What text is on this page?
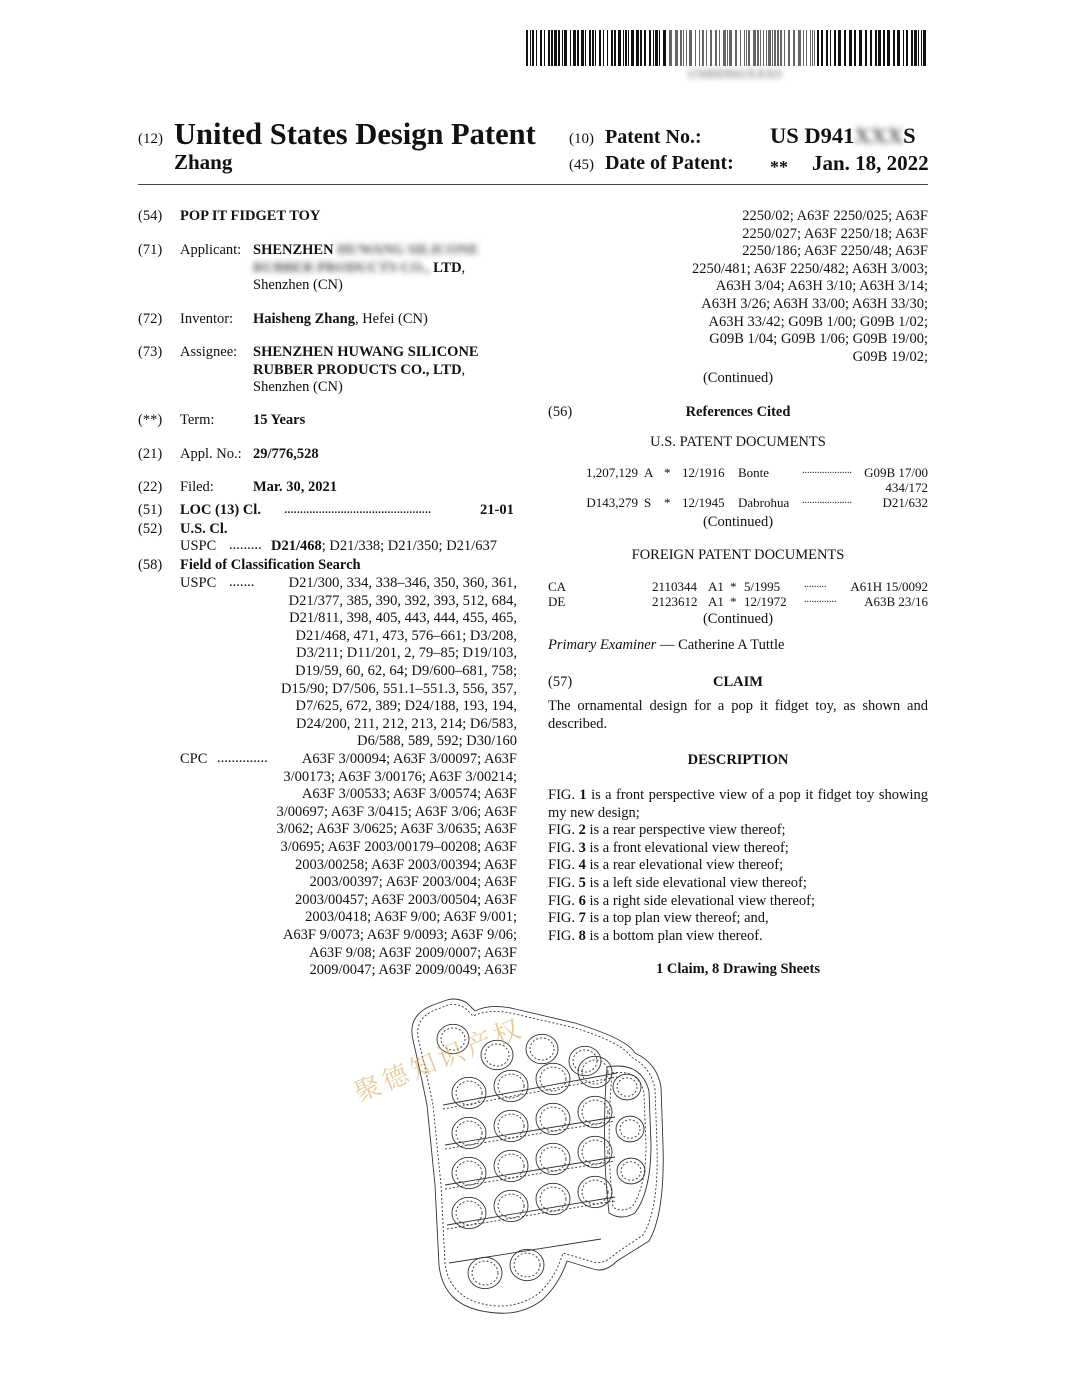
US00D941XXXS
(12) United States Design Patent
Zhang
(10) Patent No.:	US D941XXXS
(45) Date of Patent: ** Jan. 18, 2022
(54) POP IT FIDGET TOY
(71) Applicant: SHENZHEN HUWANG SILICONE
RUBBER PRODUCTS CO., LTD,
Shenzhen (CN)
(72) Inventor: Haisheng Zhang, Hefei (CN)
(73) Assignee: SHENZHEN HUWANG SILICONE
RUBBER PRODUCTS CO., LTD,
Shenzhen (CN)
(**) Term:	15 Years
(21) Appl. No.: 29/776,528
(22) Filed:	Mar. 30, 2021
(51) LOC (13) Cl. ...............................................	21-01
(52) U.S. Cl.
USPC ......... D21/468; D21/338; D21/350; D21/637
(58) Field of Classification Search
USPC .......	D21/300, 334, 338–346, 350, 360, 361,
D21/377, 385, 390, 392, 393, 512, 684,
D21/811, 398, 405, 443, 444, 455, 465,
D21/468, 471, 473, 576–661; D3/208,
D3/211; D11/201, 2, 79–85; D19/103,
D19/59, 60, 62, 64; D9/600–681, 758;
D15/90; D7/506, 551.1–551.3, 556, 357,
D7/625, 672, 389; D24/188, 193, 194,
D24/200, 211, 212, 213, 214; D6/583,
D6/588, 589, 592; D30/160
CPC .............. A63F 3/00094; A63F 3/00097; A63F
3/00173; A63F 3/00176; A63F 3/00214;
A63F 3/00533; A63F 3/00574; A63F
3/00697; A63F 3/0415; A63F 3/06; A63F
3/062; A63F 3/0625; A63F 3/0635; A63F
3/0695; A63F 2003/00179–00208; A63F
2003/00258; A63F 2003/00394; A63F
2003/00397; A63F 2003/004; A63F
2003/00457; A63F 2003/00504; A63F
2003/0418; A63F 9/00; A63F 9/001;
A63F 9/0073; A63F 9/0093; A63F 9/06;
A63F 9/08; A63F 2009/0007; A63F
2009/0047; A63F 2009/0049; A63F
2250/02; A63F 2250/025; A63F
2250/027; A63F 2250/18; A63F
2250/186; A63F 2250/48; A63F
2250/481; A63F 2250/482; A63H 3/003;
A63H 3/04; A63H 3/10; A63H 3/14;
A63H 3/26; A63H 33/00; A63H 33/30;
A63H 33/42; G09B 1/00; G09B 1/02;
G09B 1/04; G09B 1/06; G09B 19/00;
G09B 19/02;
(Continued)
(56)	References Cited
U.S. PATENT DOCUMENTS
1,207,129 A * 12/1916 Bonte	.................... G09B 17/00
434/172
D143,279 S * 12/1945 Dabrohua ....................	D21/632
(Continued)
FOREIGN PATENT DOCUMENTS
CA	2110344 A1 * 5/1995 .........	A61H 15/0092
DE	2123612 A1 * 12/1972 .............	A63B 23/16
(Continued)
Primary Examiner — Catherine A Tuttle
(57)	CLAIM
The ornamental design for a pop it fidget toy, as shown and described.
DESCRIPTION
FIG. 1 is a front perspective view of a pop it fidget toy showing my new design;
FIG. 2 is a rear perspective view thereof;
FIG. 3 is a front elevational view thereof;
FIG. 4 is a rear elevational view thereof;
FIG. 5 is a left side elevational view thereof;
FIG. 6 is a right side elevational view thereof;
FIG. 7 is a top plan view thereof; and,
FIG. 8 is a bottom plan view thereof.
1 Claim, 8 Drawing Sheets
聚德知识产权
